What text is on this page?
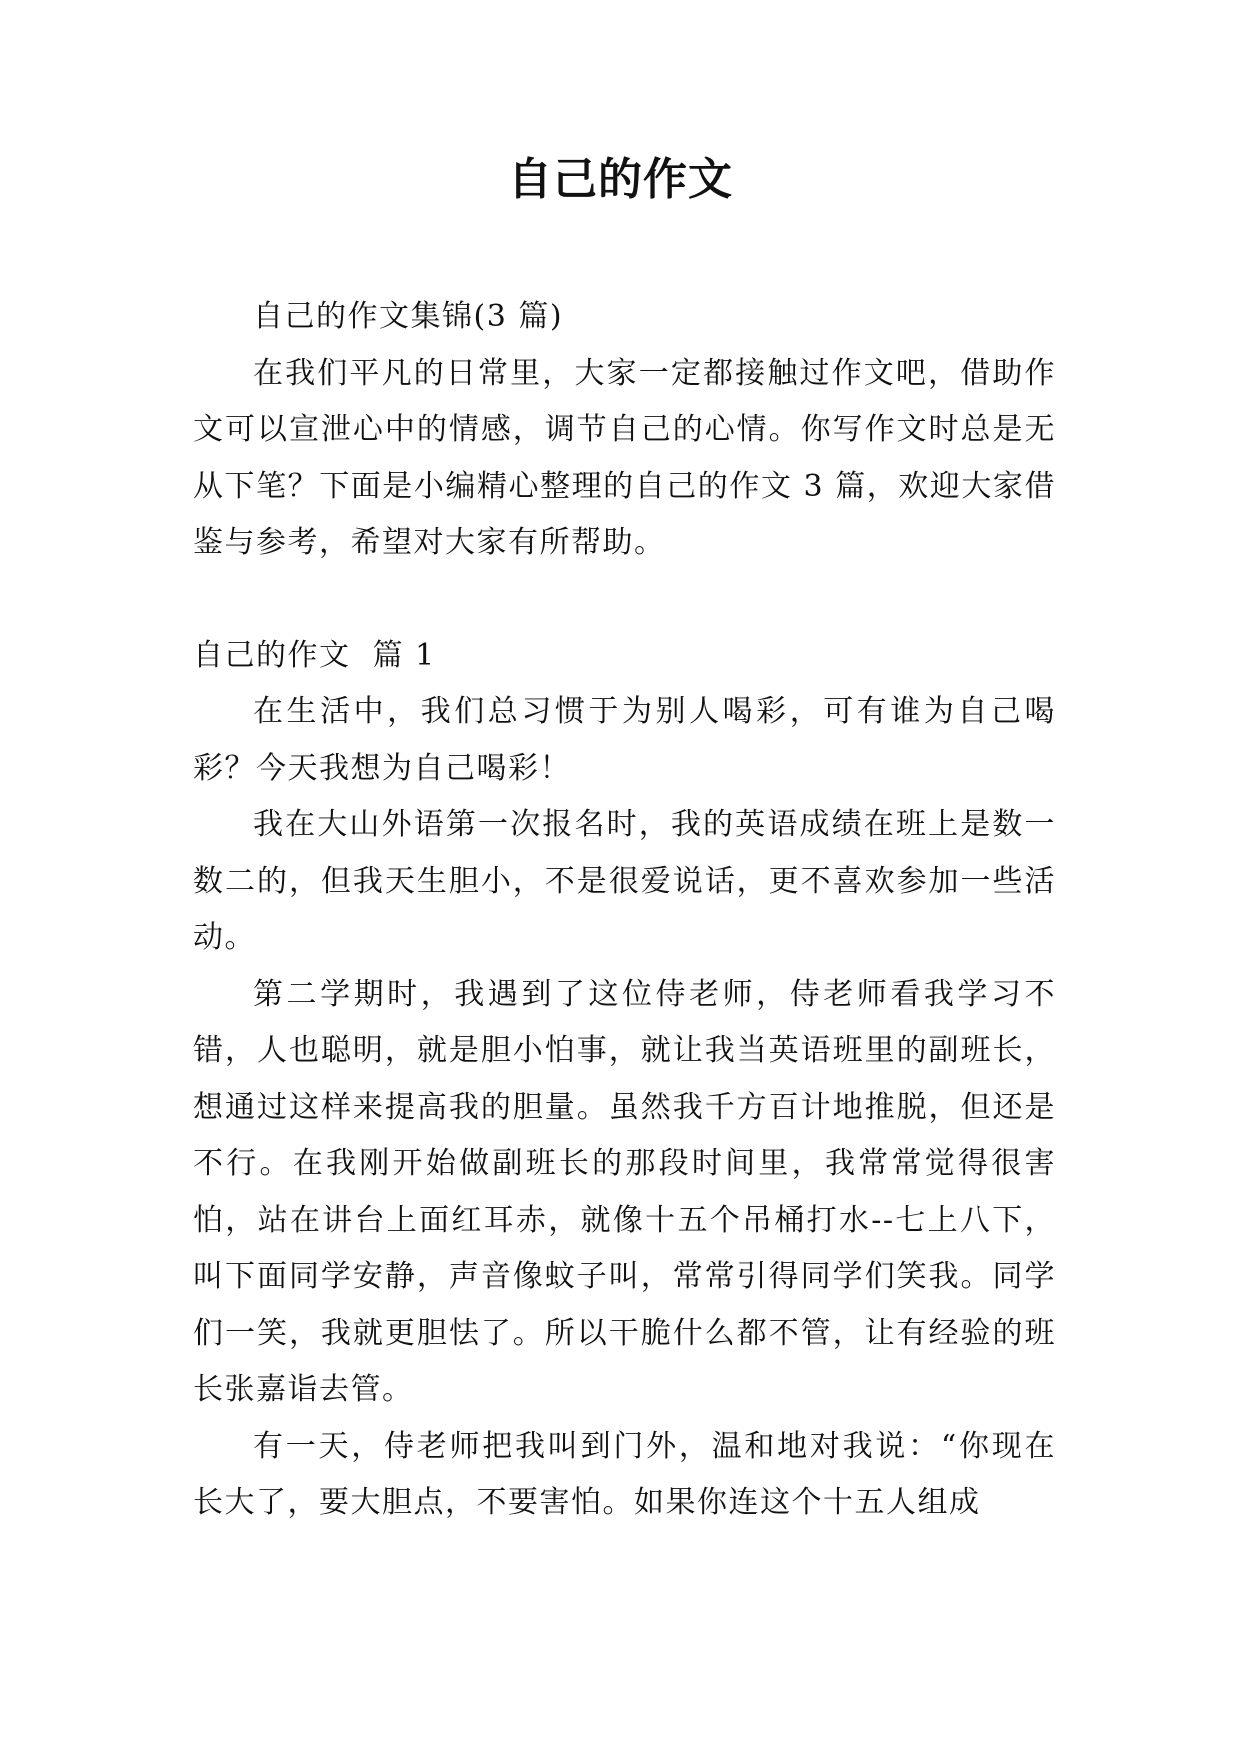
自己的作文

自己的作文集锦(3 篇)

在我们平凡的日常里，大家一定都接触过作文吧，借助作文可以宣泄心中的情感，调节自己的心情。你写作文时总是无从下笔？下面是小编精心整理的自己的作文 3 篇，欢迎大家借鉴与参考，希望对大家有所帮助。

自己的作文  篇 1

在生活中，我们总习惯于为别人喝彩，可有谁为自己喝彩？今天我想为自己喝彩！

我在大山外语第一次报名时，我的英语成绩在班上是数一数二的，但我天生胆小，不是很爱说话，更不喜欢参加一些活动。

第二学期时，我遇到了这位侍老师，侍老师看我学习不错，人也聪明，就是胆小怕事，就让我当英语班里的副班长，想通过这样来提高我的胆量。虽然我千方百计地推脱，但还是不行。在我刚开始做副班长的那段时间里，我常常觉得很害怕，站在讲台上面红耳赤，就像十五个吊桶打水--七上八下，叫下面同学安静，声音像蚊子叫，常常引得同学们笑我。同学们一笑，我就更胆怯了。所以干脆什么都不管，让有经验的班长张嘉诣去管。

有一天，侍老师把我叫到门外，温和地对我说：“你现在长大了，要大胆点，不要害怕。如果你连这个十五人组成
